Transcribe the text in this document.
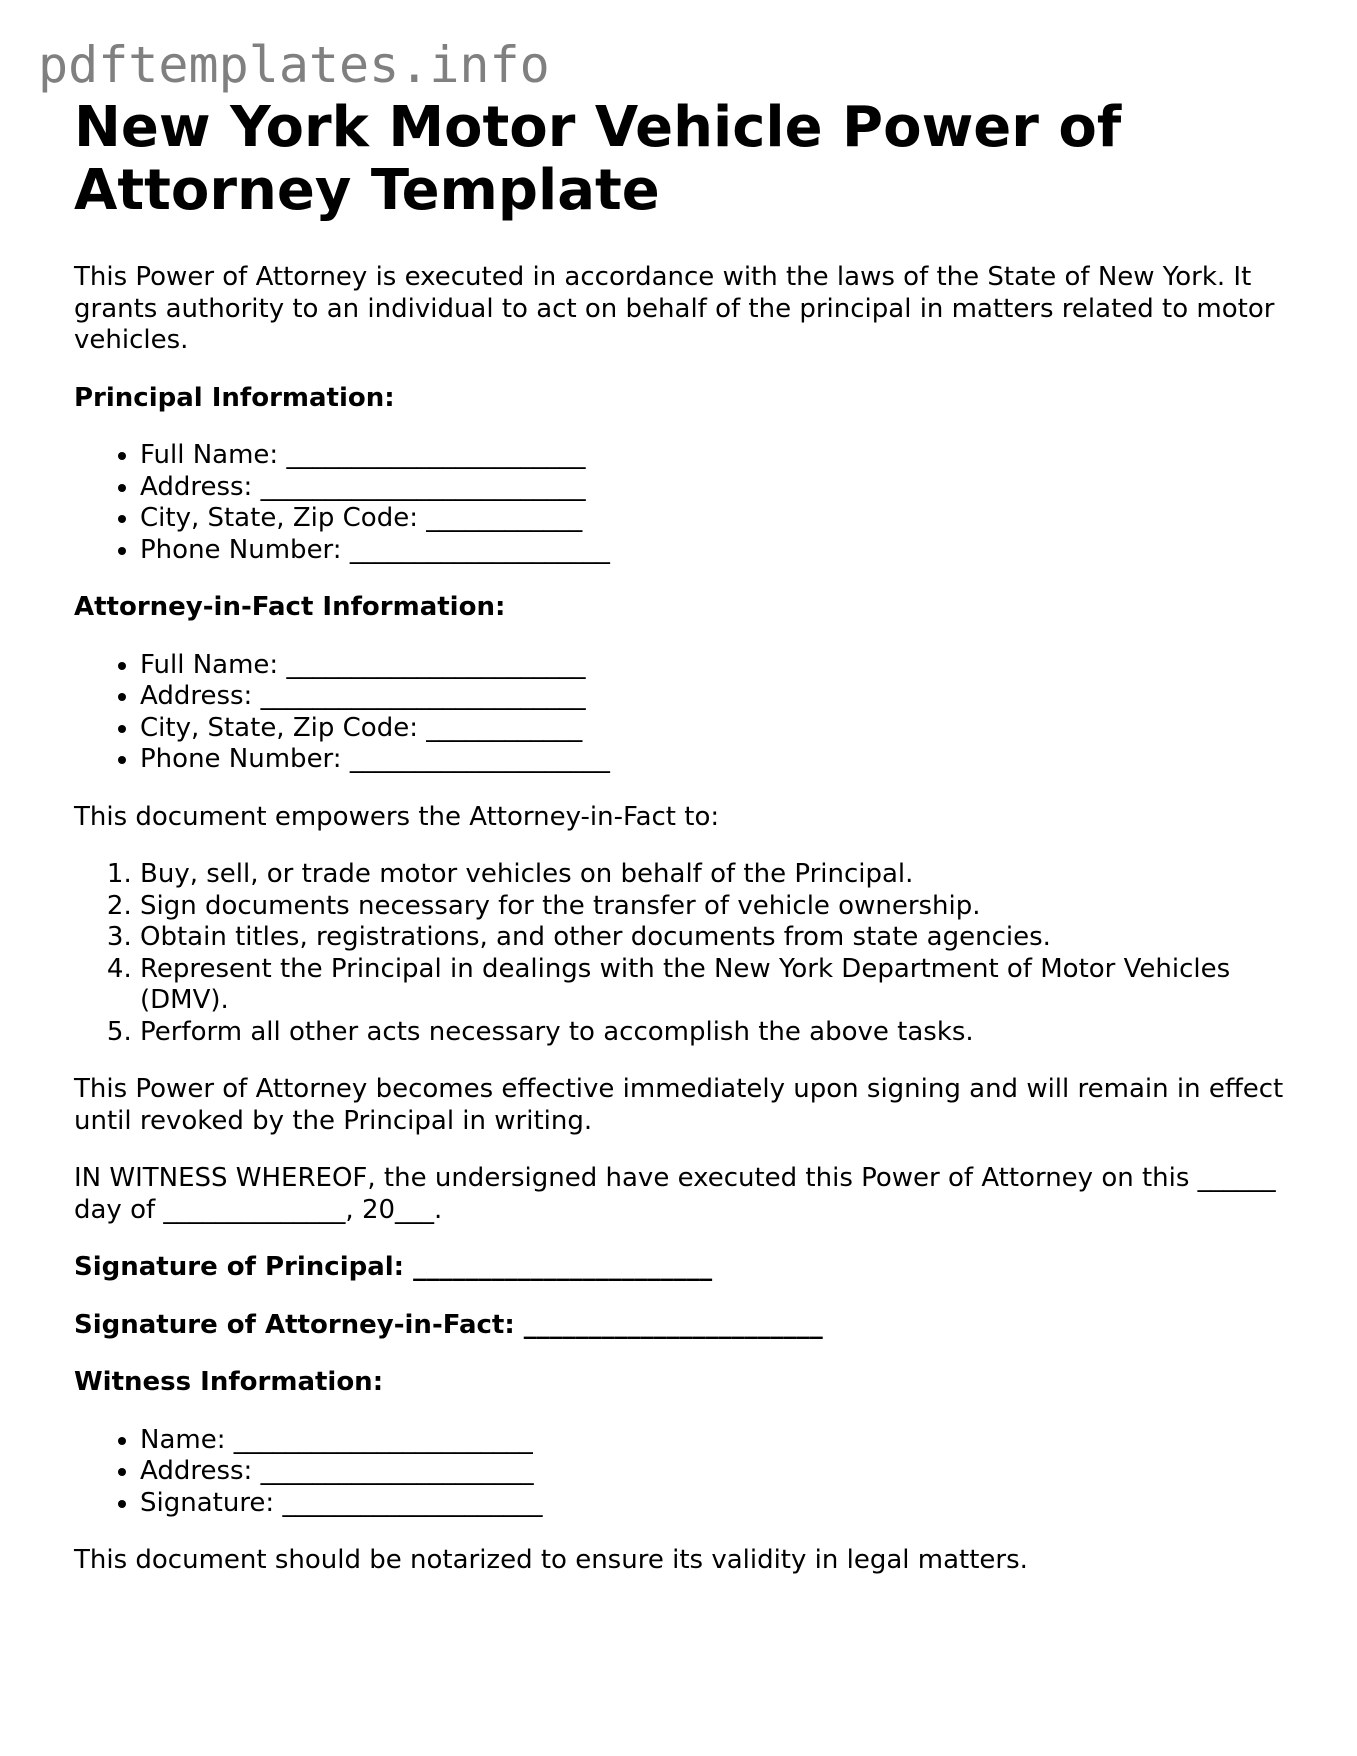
pdftemplates.info
New York Motor Vehicle Power of Attorney Template

This Power of Attorney is executed in accordance with the laws of the State of New York. It grants authority to an individual to act on behalf of the principal in matters related to motor vehicles.

Principal Information:

• Full Name: _______________________
• Address: _________________________
• City, State, Zip Code: ____________
• Phone Number: ____________________

Attorney-in-Fact Information:

• Full Name: _______________________
• Address: _________________________
• City, State, Zip Code: ____________
• Phone Number: ____________________

This document empowers the Attorney-in-Fact to:

1. Buy, sell, or trade motor vehicles on behalf of the Principal.
2. Sign documents necessary for the transfer of vehicle ownership.
3. Obtain titles, registrations, and other documents from state agencies.
4. Represent the Principal in dealings with the New York Department of Motor Vehicles (DMV).
5. Perform all other acts necessary to accomplish the above tasks.

This Power of Attorney becomes effective immediately upon signing and will remain in effect until revoked by the Principal in writing.

IN WITNESS WHEREOF, the undersigned have executed this Power of Attorney on this ______ day of ______________, 20___.

Signature of Principal: _______________________

Signature of Attorney-in-Fact: _______________________

Witness Information:

• Name: _______________________
• Address: _____________________
• Signature: ____________________

This document should be notarized to ensure its validity in legal matters.
